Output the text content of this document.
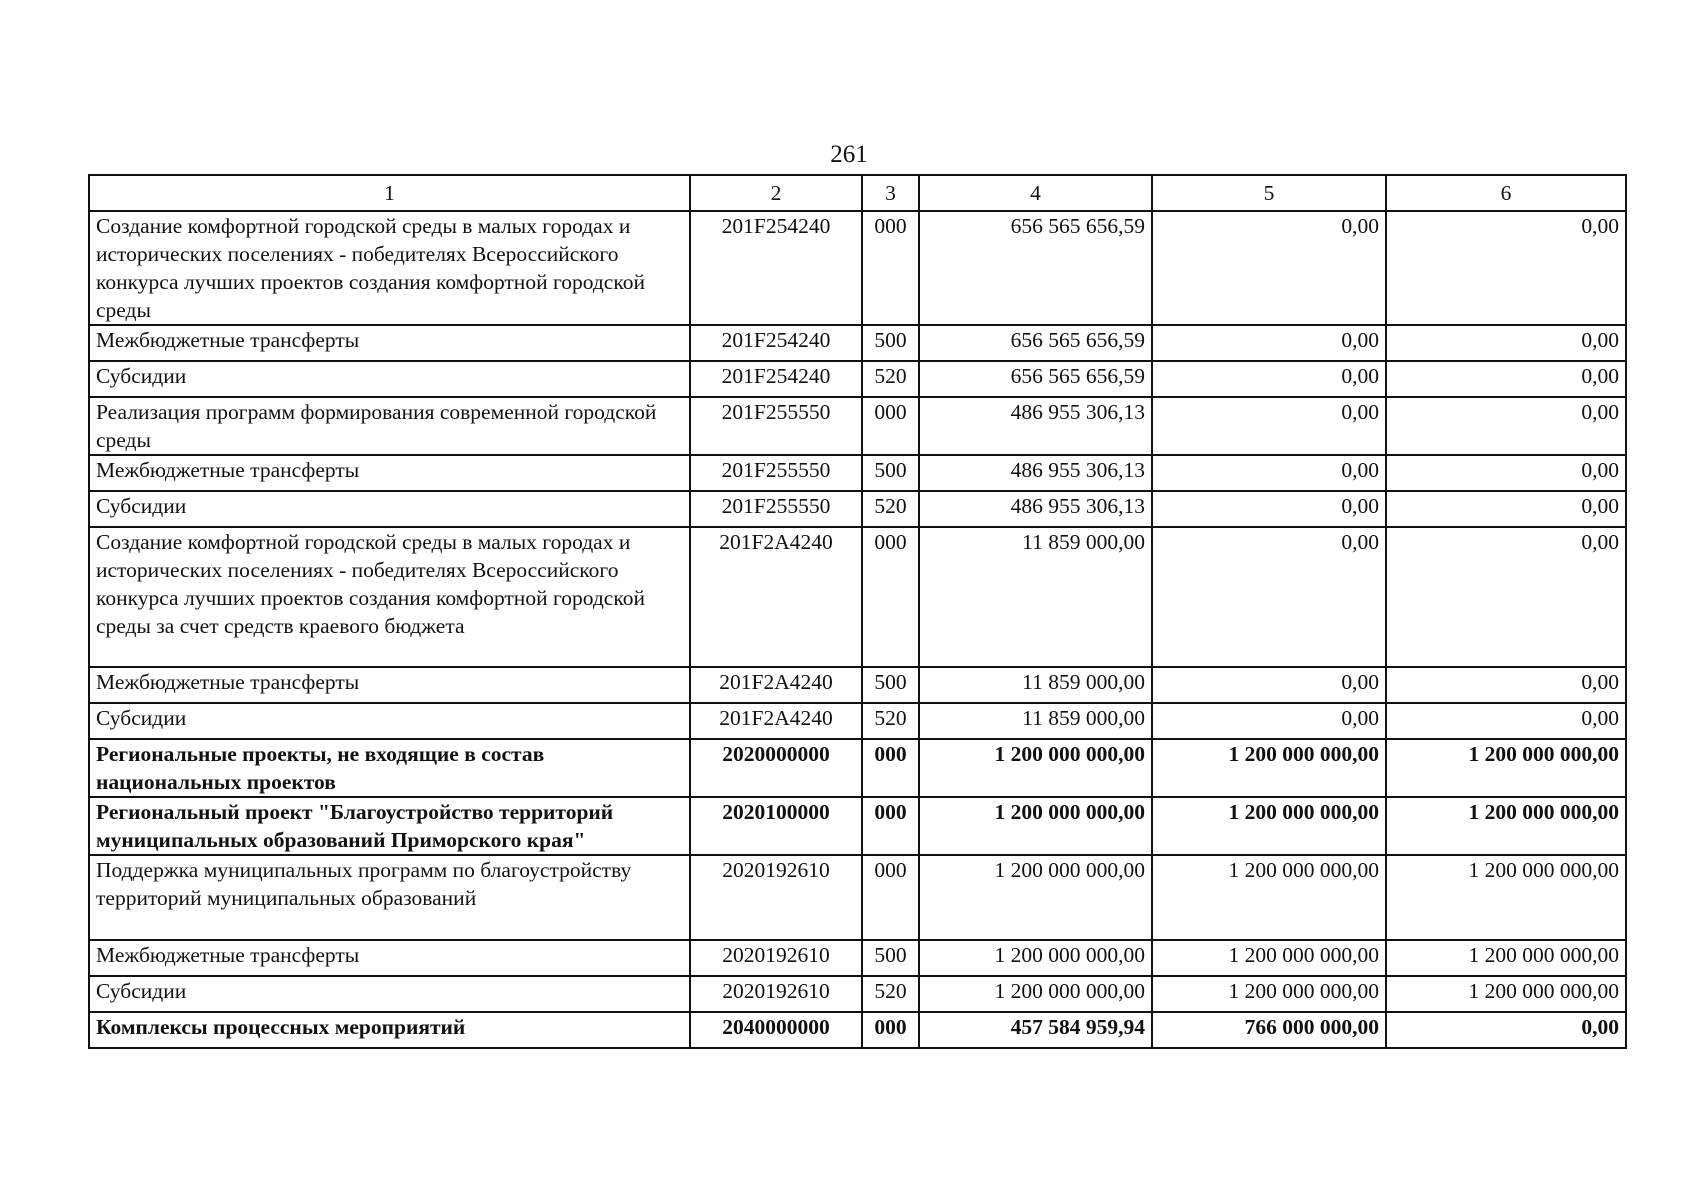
261
1	2	3	4	5	6
Создание комфортной городской среды в малых городах и исторических поселениях - победителях Всероссийского конкурса лучших проектов создания комфортной городской среды	201F254240	000	656 565 656,59	0,00	0,00
Межбюджетные трансферты	201F254240	500	656 565 656,59	0,00	0,00
Субсидии	201F254240	520	656 565 656,59	0,00	0,00
Реализация программ формирования современной городской среды	201F255550	000	486 955 306,13	0,00	0,00
Межбюджетные трансферты	201F255550	500	486 955 306,13	0,00	0,00
Субсидии	201F255550	520	486 955 306,13	0,00	0,00
Создание комфортной городской среды в малых городах и исторических поселениях - победителях Всероссийского конкурса лучших проектов создания комфортной городской среды за счет средств краевого бюджета	201F2A4240	000	11 859 000,00	0,00	0,00
Межбюджетные трансферты	201F2A4240	500	11 859 000,00	0,00	0,00
Субсидии	201F2A4240	520	11 859 000,00	0,00	0,00
Региональные проекты, не входящие в состав национальных проектов	2020000000	000	1 200 000 000,00	1 200 000 000,00	1 200 000 000,00
Региональный проект "Благоустройство территорий муниципальных образований Приморского края"	2020100000	000	1 200 000 000,00	1 200 000 000,00	1 200 000 000,00
Поддержка муниципальных программ по благоустройству территорий муниципальных образований	2020192610	000	1 200 000 000,00	1 200 000 000,00	1 200 000 000,00
Межбюджетные трансферты	2020192610	500	1 200 000 000,00	1 200 000 000,00	1 200 000 000,00
Субсидии	2020192610	520	1 200 000 000,00	1 200 000 000,00	1 200 000 000,00
Комплексы процессных мероприятий	2040000000	000	457 584 959,94	766 000 000,00	0,00
